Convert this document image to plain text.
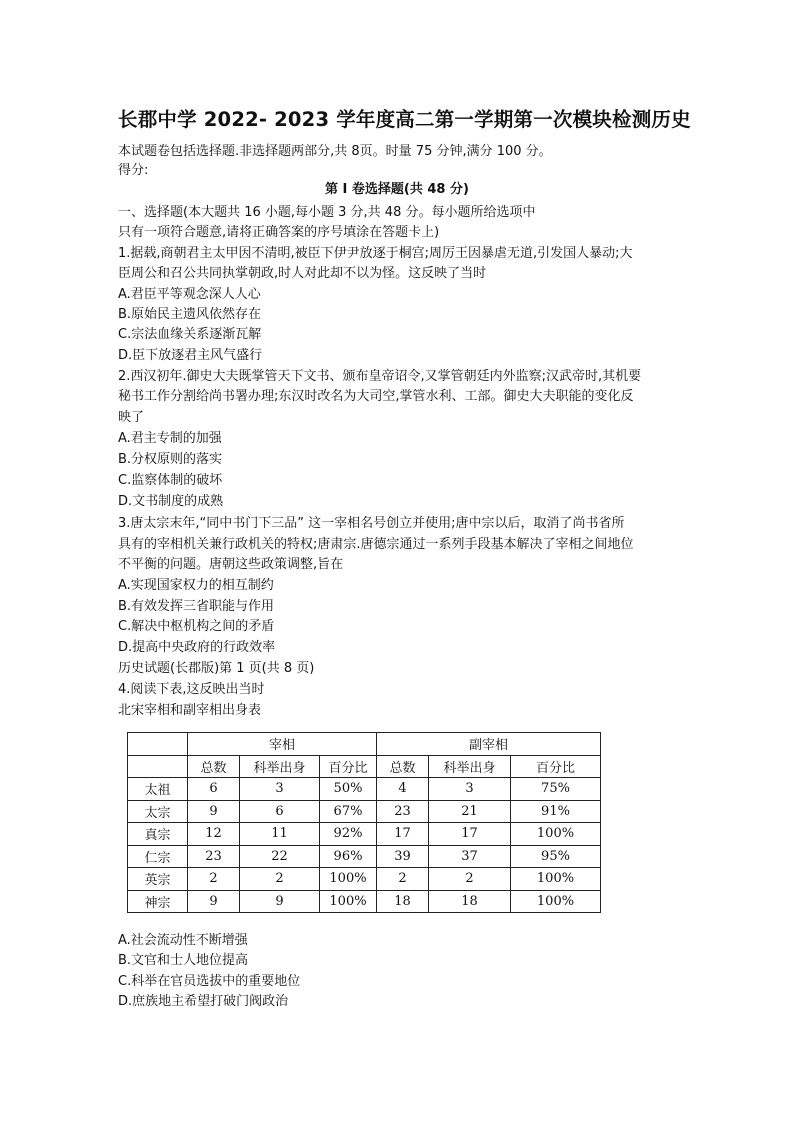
长郡中学 2022- 2023 学年度高二第一学期第一次模块检测历史
本试题卷包括选择题.非选择题两部分,共 8页。时量 75 分钟,满分 100 分。
得分:
第 Ⅰ 卷选择题(共 48 分)
一、选择题(本大题共 16 小题,每小题 3 分,共 48 分。每小题所给选项中
只有一项符合题意,请将正确答案的序号填涂在答题卡上)
1.据载,商朝君主太甲因不清明,被臣下伊尹放逐于桐宫;周厉王因暴虐无道,引发国人暴动;大
臣周公和召公共同执掌朝政,时人对此却不以为怪。这反映了当时
A.君臣平等观念深人人心
B.原始民主遗风依然存在
C.宗法血缘关系逐渐瓦解
D.臣下放逐君主风气盛行
2.西汉初年.御史大夫既掌管天下文书、颁布皇帝诏令,又掌管朝廷内外监察;汉武帝时,其机要
秘书工作分割给尚书署办理;东汉时改名为大司空,掌管水利、工部。御史大夫职能的变化反
映了
A.君主专制的加强
B.分权原则的落实
C.监察体制的破坏
D.文书制度的成熟
3.唐太宗末年,“同中书门下三品” 这一宰相名号创立并使用;唐中宗以后，取消了尚书省所
具有的宰相机关兼行政机关的特权;唐肃宗.唐德宗通过一系列手段基本解决了宰相之间地位
不平衡的问题。唐朝这些政策调整,旨在
A.实现国家权力的相互制约
B.有效发挥三省职能与作用
C.解决中枢机构之间的矛盾
D.提高中央政府的行政效率
历史试题(长郡版)第 1 页(共 8 页)
4.阅读下表,这反映出当时
北宋宰相和副宰相出身表
	宰相			副宰相		
	总数	科举出身	百分比	总数	科举出身	百分比
太祖	6	3	50%	4	3	75%
太宗	9	6	67%	23	21	91%
真宗	12	11	92%	17	17	100%
仁宗	23	22	96%	39	37	95%
英宗	2	2	100%	2	2	100%
神宗	9	9	100%	18	18	100%
A.社会流动性不断增强
B.文官和士人地位提高
C.科举在官员选拔中的重要地位
D.庶族地主希望打破门阀政治
